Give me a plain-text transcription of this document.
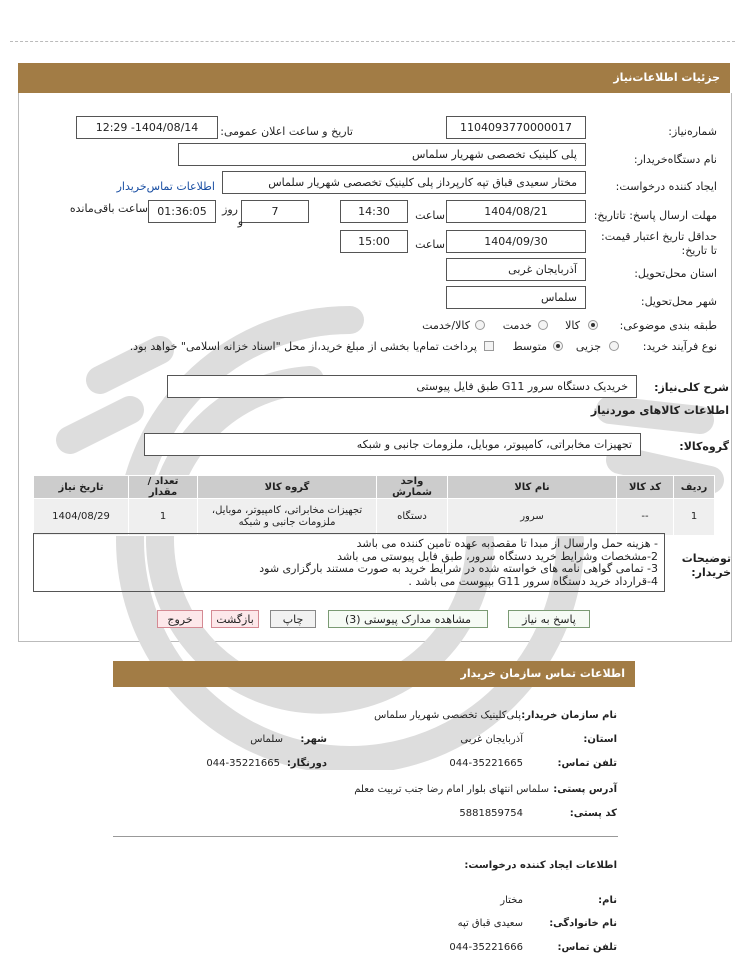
جزئیات اطلاعات‌نیاز
شماره‌نیاز:
1104093770000017
تاریخ و ساعت اعلان عمومی:
1404/08/14- 12:29
نام دستگاه‌خریدار:
پلی کلینیک تخصصی شهریار سلماس
ایجاد کننده درخواست:
مختار سعیدی قباق تپه کارپرداز پلی کلینیک تخصصی شهریار سلماس
اطلاعات تماس‌خریدار
مهلت ارسال پاسخ: تاتاریخ:
1404/08/21
ساعت
14:30
7
روز
و
01:36:05
ساعت باقی‌مانده
حداقل تاریخ اعتبار قیمت: تا تاریخ:
1404/09/30
ساعت
15:00
استان محل‌تحویل:
آذربایجان غربی
شهر محل‌تحویل:
سلماس
طبقه بندی موضوعی:
کالا
خدمت
کالا/خدمت
نوع فرآیند خرید:
جزیی
متوسط
پرداخت تمام‌یا بخشی از مبلغ خرید،از محل "اسناد خزانه اسلامی" خواهد بود.
شرح کلی‌نیاز:
خریدیک دستگاه سرور G11 طبق فایل پیوستی
اطلاعات کالاهای موردنیاز
گروه‌کالا:
تجهیزات مخابراتی، کامپیوتر، موبایل، ملزومات جانبی و شبکه
ردیف	کد کالا	نام کالا	واحد شمارش	گروه کالا	تعداد / مقدار	تاریخ نیاز
1	--	سرور	دستگاه	تجهیزات مخابراتی، کامپیوتر، موبایل، ملزومات جانبی و شبکه	1	1404/08/29
توضیحات خریدار:
- هزینه حمل وارسال از مبدا تا مقصدبه عهده تامین کننده می باشد
2-مشخصات وشرایط خرید دستگاه سرور، طبق فایل پیوستی می باشد
3- تمامی گواهی نامه های خواسته شده در شرایط خرید به صورت مستند بارگزاری شود
4-قرارداد خرید دستگاه سرور G11 بپیوست می باشد .
پاسخ به نیاز
مشاهده مدارک پیوستی (3)
چاپ
بازگشت
خروج
اطلاعات تماس سازمان خریدار
نام سازمان خریدار:
پلی‌کلینیک تخصصی شهریار سلماس
استان:
آذربایجان غربی
شهر:
سلماس
تلفن تماس:
044-35221665
دورنگار:
044-35221665
آدرس پستی:
سلماس انتهای بلوار امام رضا جنب تربیت معلم
کد پستی:
5881859754
اطلاعات ایجاد کننده درخواست:
نام:
مختار
نام خانوادگی:
سعیدی قباق تپه
تلفن تماس:
044-35221666
